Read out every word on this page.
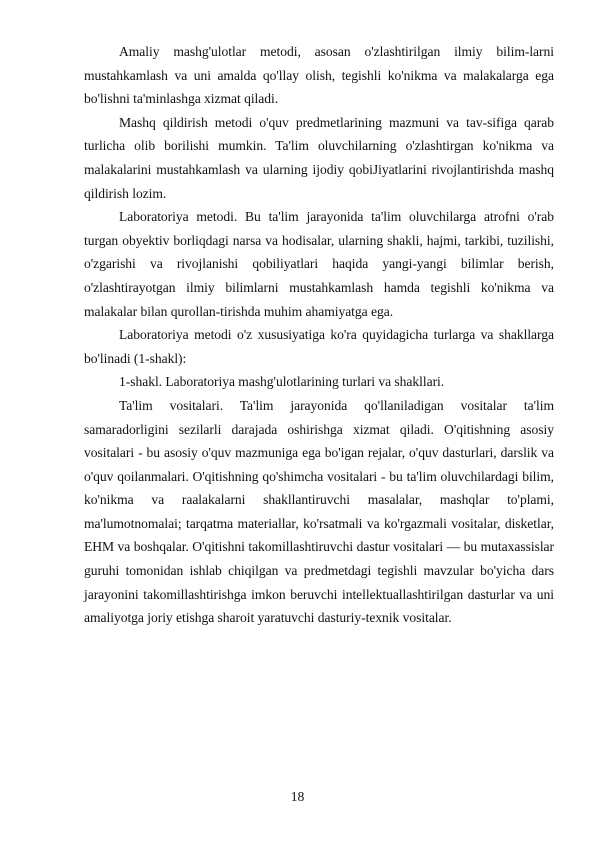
Amaliy mashg'ulotlar metodi, asosan o'zlashtirilgan ilmiy bilim-larni mustahkamlash va uni amalda qo'llay olish, tegishli ko'nikma va malakalarga ega bo'lishni ta'minlashga xizmat qiladi.

Mashq qildirish metodi o'quv predmetlarining mazmuni va tav-sifiga qarab turlicha olib borilishi mumkin. Ta'lim oluvchilarning o'zlashtirgan ko'nikma va malakalarini mustahkamlash va ularning ijodiy qobiJiyatlarini rivojlantirishda mashq qildirish lozim.

Laboratoriya metodi. Bu ta'lim jarayonida ta'lim oluvchilarga atrofni o'rab turgan obyektiv borliqdagi narsa va hodisalar, ularning shakli, hajmi, tarkibi, tuzilishi, o'zgarishi va rivojlanishi qobiliyatlari haqida yangi-yangi bilimlar berish, o'zlashtirayotgan ilmiy bilimlarni mustahkamlash hamda tegishli ko'nikma va malakalar bilan qurollan-tirishda muhim ahamiyatga ega.

Laboratoriya metodi o'z xususiyatiga ko'ra quyidagicha turlarga va shakllarga bo'linadi (1-shakl):

1-shakl. Laboratoriya mashg'ulotlarining turlari va shakllari.

Ta'lim vositalari. Ta'lim jarayonida qo'llaniladigan vositalar ta'lim samaradorligini sezilarli darajada oshirishga xizmat qiladi. O'qitishning asosiy vositalari - bu asosiy o'quv mazmuniga ega bo'igan rejalar, o'quv dasturlari, darslik va o'quv qoilanmalari. O'qitishning qo'shimcha vositalari - bu ta'lim oluvchilardagi bilim, ko'nikma va raalakalarni shakllantiruvchi masalalar, mashqlar to'plami, ma'lumotnomalai; tarqatma materiallar, ko'rsatmali va ko'rgazmali vositalar, disketlar, EHM va boshqalar. O'qitishni takomillashtiruvchi dastur vositalari — bu mutaxassislar guruhi tomonidan ishlab chiqilgan va predmetdagi tegishli mavzular bo'yicha dars jarayonini takomillashtirishga imkon beruvchi intellektuallashtirilgan dasturlar va uni amaliyotga joriy etishga sharoit yaratuvchi dasturiy-texnik vositalar.

18
